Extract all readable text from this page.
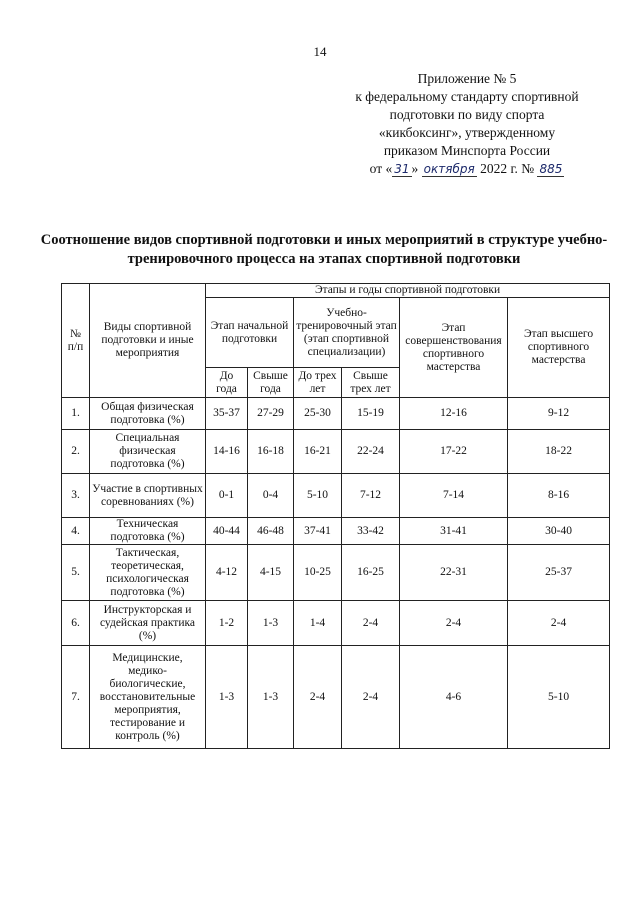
14
Приложение № 5
к федеральному стандарту спортивной
подготовки по виду спорта
«кикбоксинг», утвержденному
приказом Минспорта России
от « 31 » октября 2022 г. № 885
Соотношение видов спортивной подготовки и иных мероприятий в структуре учебно-тренировочного процесса на этапах спортивной подготовки
№ п/п	Виды спортивной подготовки и иные мероприятия	Этапы и годы спортивной подготовки					
		Этап начальной подготовки		Учебно-тренировочный этап (этап спортивной специализации)		Этап совершенствования спортивного мастерства	Этап высшего спортивного мастерства
		До года	Свыше года	До трех лет	Свыше трех лет		
1.	Общая физическая подготовка (%)	35-37	27-29	25-30	15-19	12-16	9-12
2.	Специальная физическая подготовка (%)	14-16	16-18	16-21	22-24	17-22	18-22
3.	Участие в спортивных соревнованиях (%)	0-1	0-4	5-10	7-12	7-14	8-16
4.	Техническая подготовка (%)	40-44	46-48	37-41	33-42	31-41	30-40
5.	Тактическая, теоретическая, психологическая подготовка (%)	4-12	4-15	10-25	16-25	22-31	25-37
6.	Инструкторская и судейская практика (%)	1-2	1-3	1-4	2-4	2-4	2-4
7.	Медицинские, медико-биологические, восстановительные мероприятия, тестирование и контроль (%)	1-3	1-3	2-4	2-4	4-6	5-10
